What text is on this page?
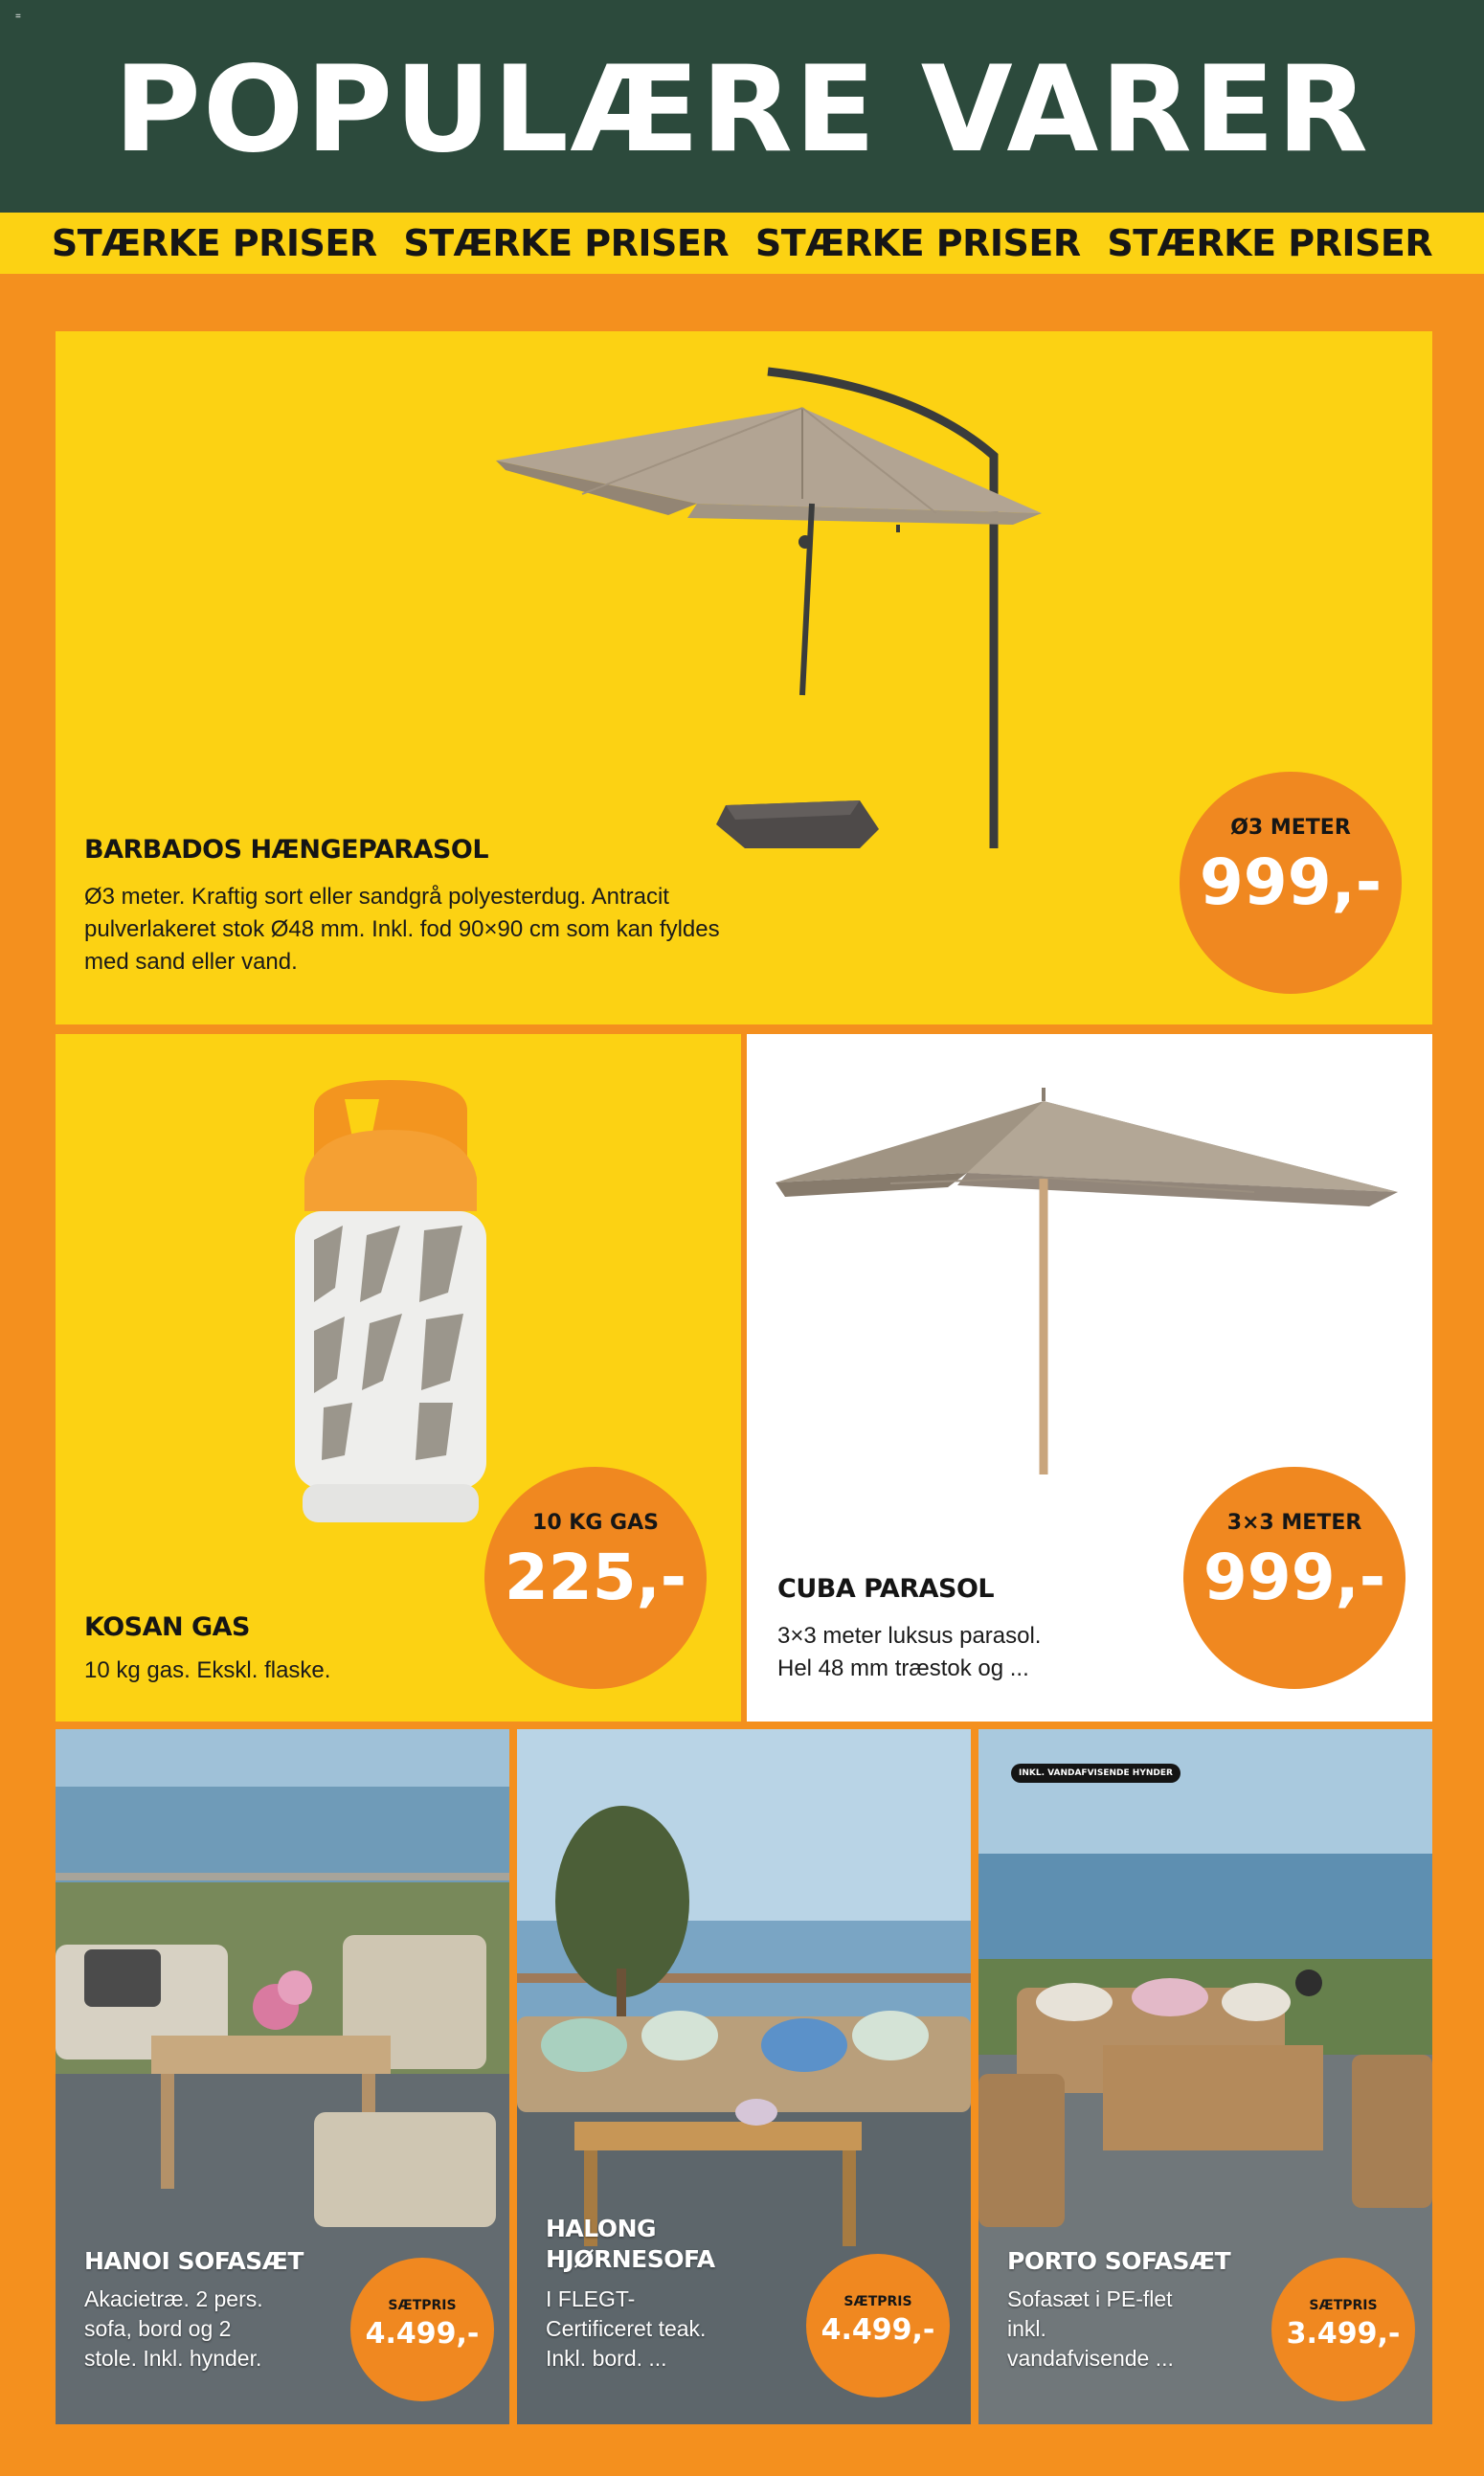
=
POPULÆRE VARER
STÆRKE PRISER STÆRKE PRISER STÆRKE PRISER STÆRKE PRISER
BARBADOS HÆNGEPARASOL
Ø3 meter. Kraftig sort eller sandgrå polyesterdug. Antracit
pulverlakeret stok Ø48 mm. Inkl. fod 90×90 cm som kan fyldes
med sand eller vand.
Ø3 METER
999,-
10 KG GAS
225,-
KOSAN GAS
10 kg gas. Ekskl. flaske.
3×3 METER
999,-
CUBA PARASOL
3×3 meter luksus parasol.
Hel 48 mm træstok og ...
HANOI SOFASÆT
Akacietræ. 2 pers.
sofa, bord og 2
stole. Inkl. hynder.
SÆTPRIS
4.499,-
HALONG
HJØRNESOFA
I FLEGT-
Certificeret teak.
Inkl. bord. ...
SÆTPRIS
4.499,-
INKL. VANDAFVISENDE HYNDER
PORTO SOFASÆT
Sofasæt i PE-flet
inkl.
vandafvisende ...
SÆTPRIS
3.499,-
